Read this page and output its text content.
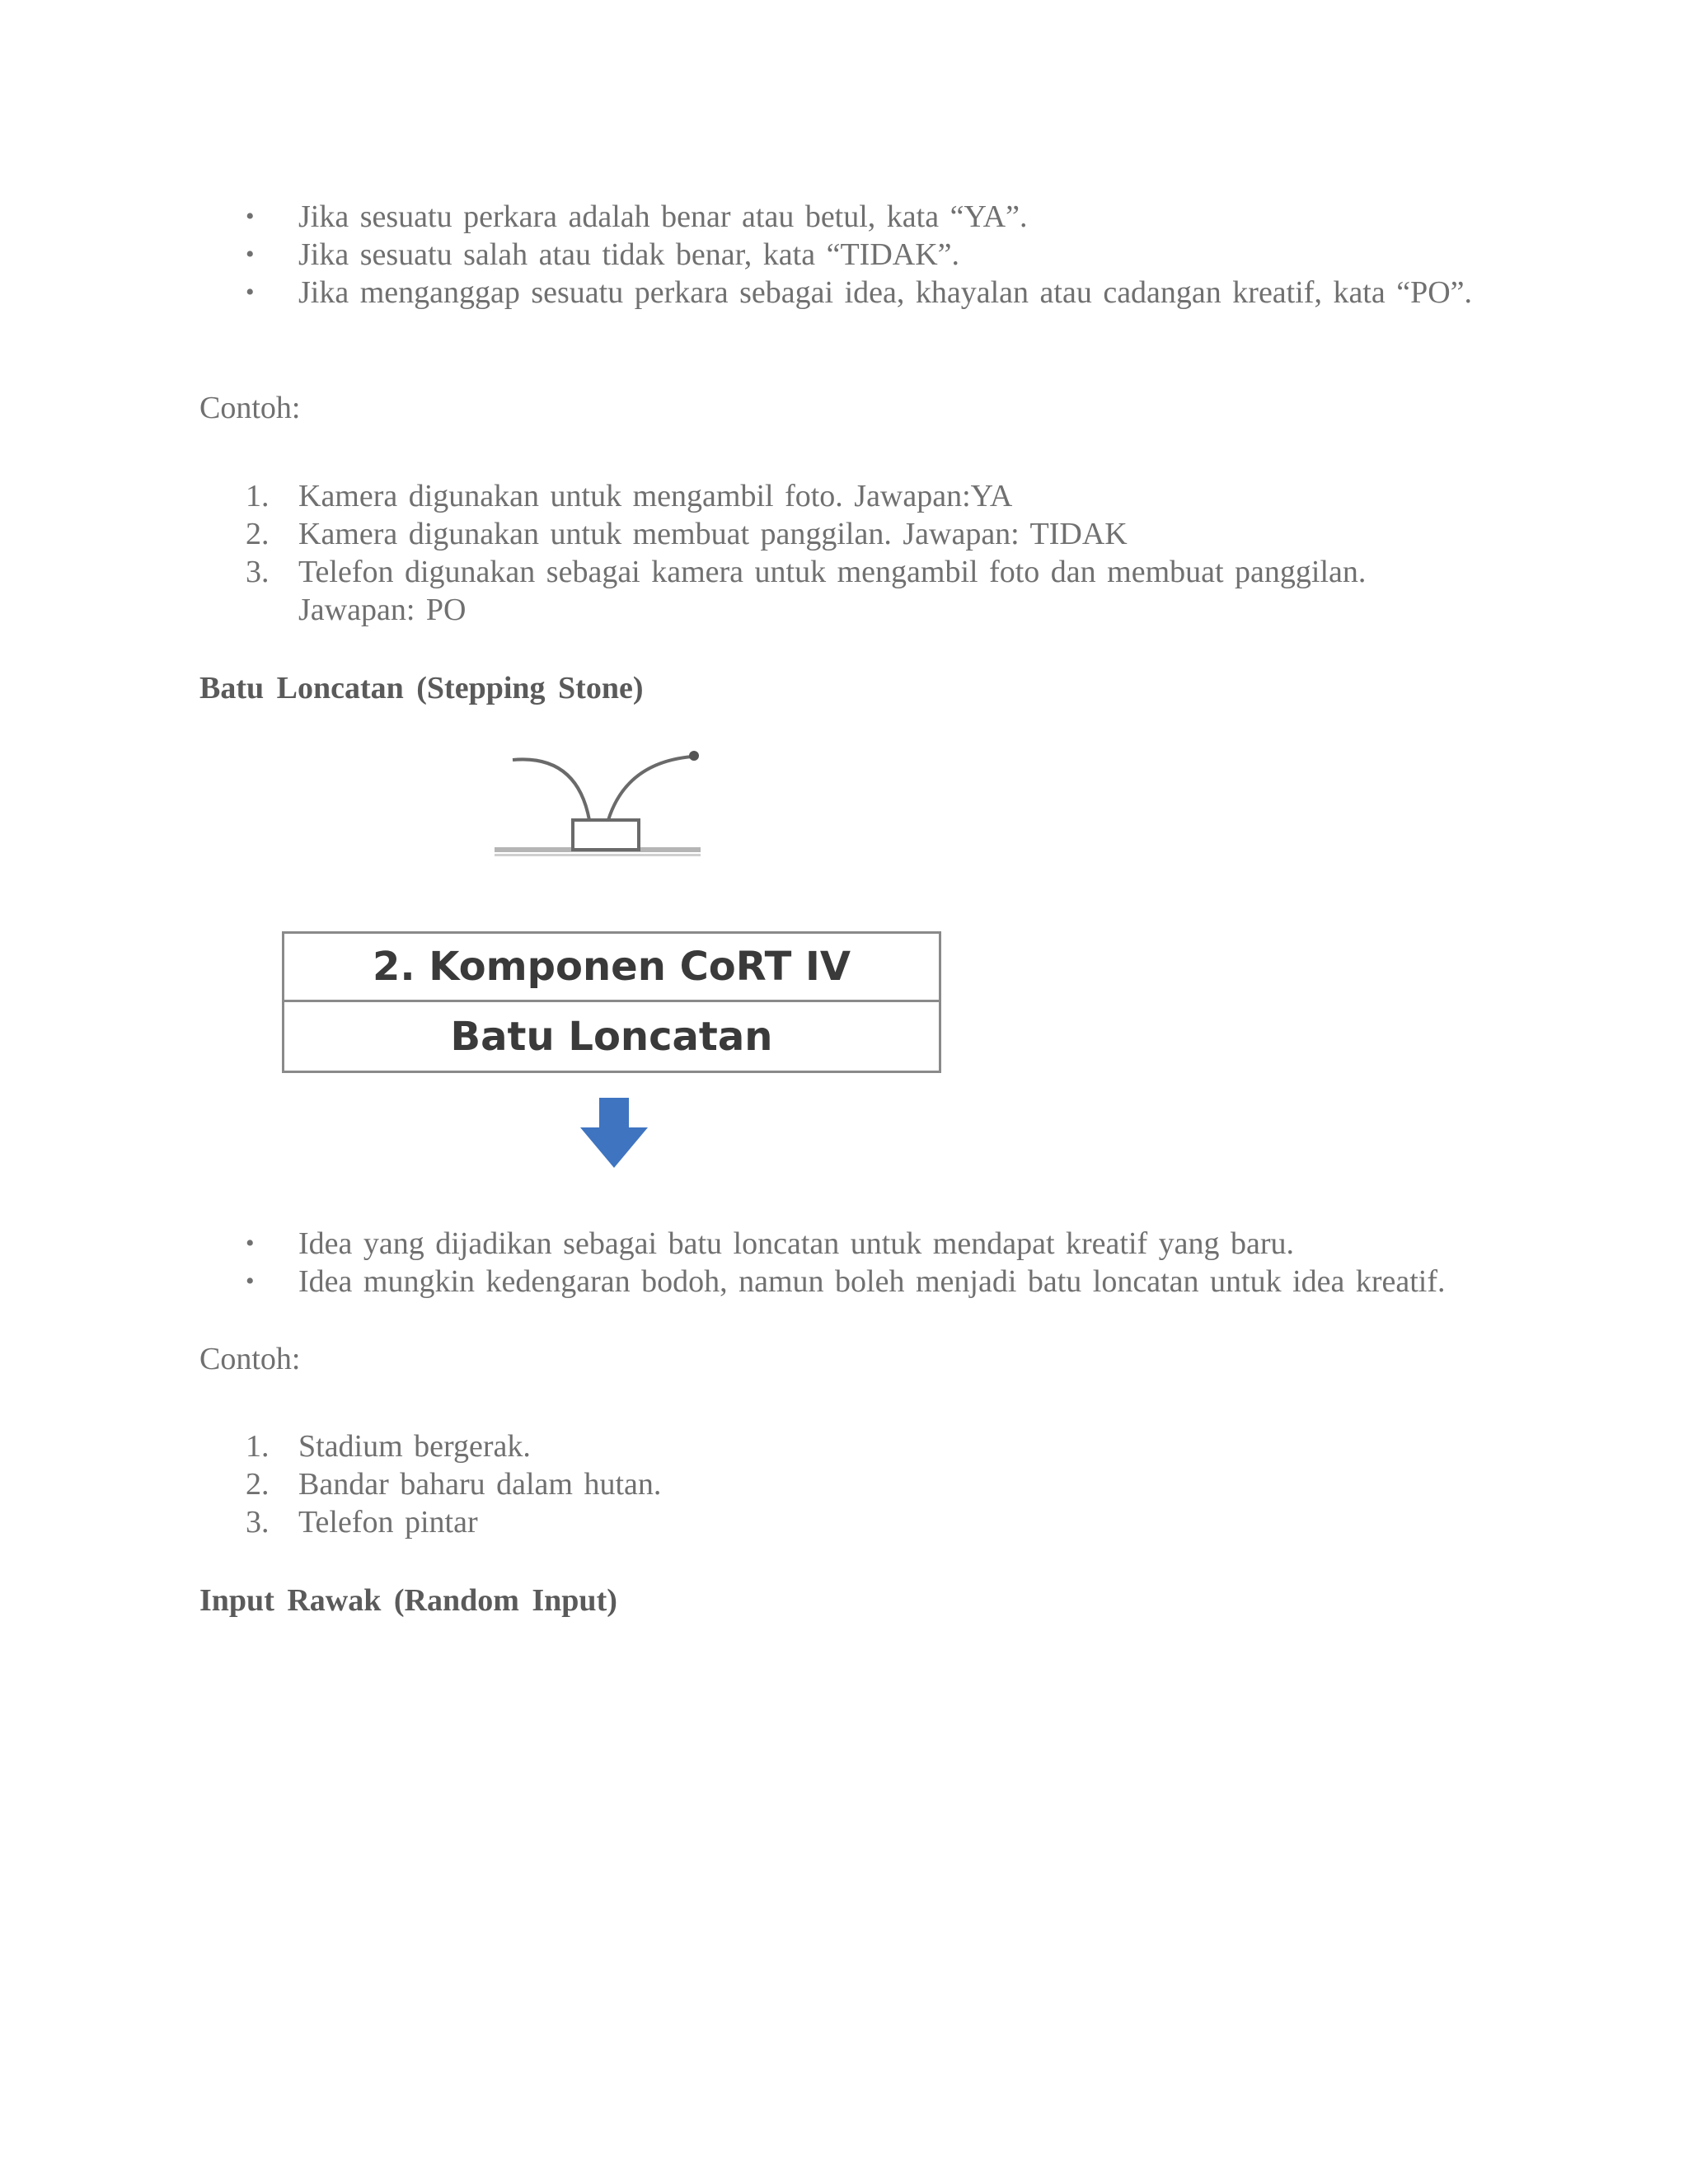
•	Jika sesuatu perkara adalah benar atau betul, kata “YA”.
•	Jika sesuatu salah atau tidak benar, kata “TIDAK”.
•	Jika menganggap sesuatu perkara sebagai idea, khayalan atau cadangan kreatif, kata “PO”.
Contoh:
1. Kamera digunakan untuk mengambil foto. Jawapan:YA
2. Kamera digunakan untuk membuat panggilan. Jawapan: TIDAK
3. Telefon digunakan sebagai kamera untuk mengambil foto dan membuat panggilan. Jawapan: PO
Batu Loncatan (Stepping Stone)
2. Komponen CoRT IV
Batu Loncatan
•	Idea yang dijadikan sebagai batu loncatan untuk mendapat kreatif yang baru.
•	Idea mungkin kedengaran bodoh, namun boleh menjadi batu loncatan untuk idea kreatif.
Contoh:
1. Stadium bergerak.
2. Bandar baharu dalam hutan.
3. Telefon pintar
Input Rawak (Random Input)
